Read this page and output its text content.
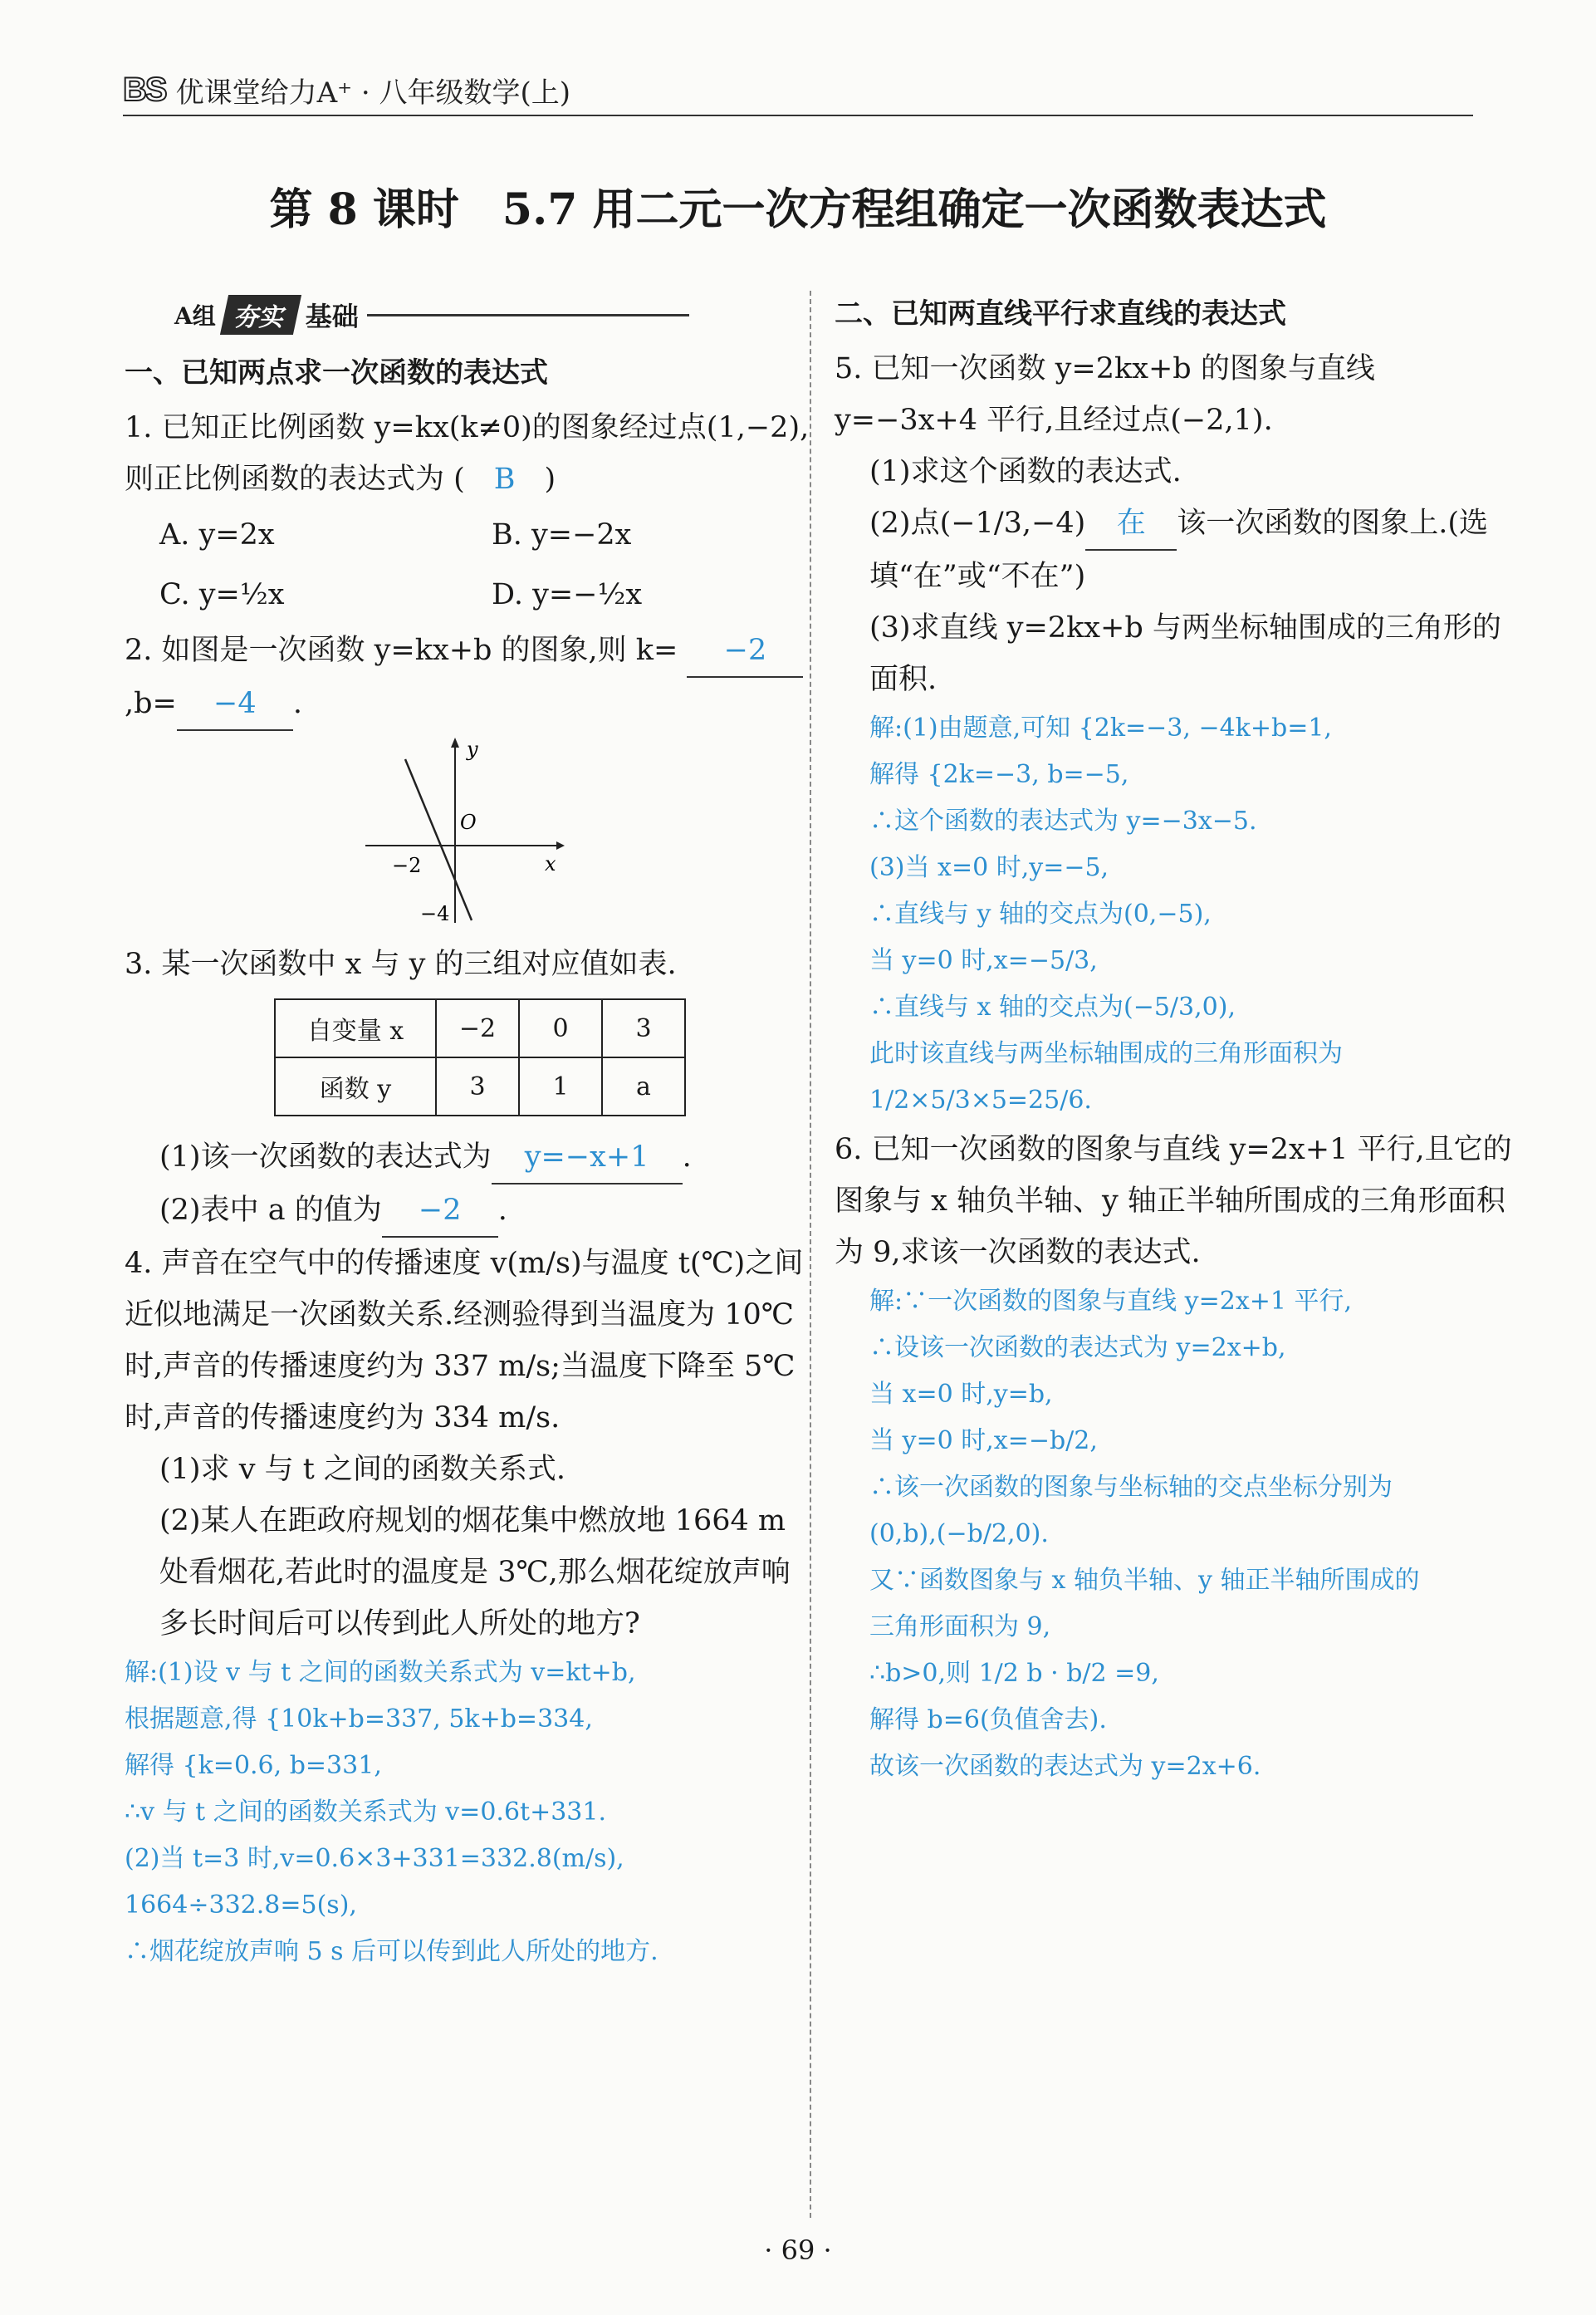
BS 优课堂给力A⁺ · 八年级数学(上)
第 8 课时　5.7 用二元一次方程组确定一次函数表达式
A组 夯实 基础
一、已知两点求一次函数的表达式
1. 已知正比例函数 y=kx(k≠0)的图象经过点(1,−2),则正比例函数的表达式为 (　B　)
A. y=2x	B. y=−2x
C. y=½x	D. y=−½x
2. 如图是一次函数 y=kx+b 的图象,则 k= −2,b= −4 .
y
x
O
−2
−4
3. 某一次函数中 x 与 y 的三组对应值如表.
自变量 x	−2	0	3
函数 y	3	1	a
(1)该一次函数的表达式为 y=−x+1 .
(2)表中 a 的值为 −2 .
4. 声音在空气中的传播速度 v(m/s)与温度 t(℃)之间近似地满足一次函数关系.经测验得到当温度为 10℃时,声音的传播速度约为 337 m/s;当温度下降至 5℃时,声音的传播速度约为 334 m/s.
(1)求 v 与 t 之间的函数关系式.
(2)某人在距政府规划的烟花集中燃放地 1664 m 处看烟花,若此时的温度是 3℃,那么烟花绽放声响多长时间后可以传到此人所处的地方?
解:(1)设 v 与 t 之间的函数关系式为 v=kt+b,
根据题意,得 {10k+b=337, 5k+b=334,
解得 {k=0.6, b=331,
∴v 与 t 之间的函数关系式为 v=0.6t+331.
(2)当 t=3 时,v=0.6×3+331=332.8(m/s),
1664÷332.8=5(s),
∴烟花绽放声响 5 s 后可以传到此人所处的地方.
二、已知两直线平行求直线的表达式
5. 已知一次函数 y=2kx+b 的图象与直线 y=−3x+4 平行,且经过点(−2,1).
(1)求这个函数的表达式.
(2)点(−1/3,−4) 在 该一次函数的图象上.(选填“在”或“不在”)
(3)求直线 y=2kx+b 与两坐标轴围成的三角形的面积.
解:(1)由题意,可知 {2k=−3, −4k+b=1,
解得 {2k=−3, b=−5,
∴这个函数的表达式为 y=−3x−5.
(3)当 x=0 时,y=−5,
∴直线与 y 轴的交点为(0,−5),
当 y=0 时,x=−5/3,
∴直线与 x 轴的交点为(−5/3,0),
此时该直线与两坐标轴围成的三角形面积为
1/2×5/3×5=25/6.
6. 已知一次函数的图象与直线 y=2x+1 平行,且它的图象与 x 轴负半轴、y 轴正半轴所围成的三角形面积为 9,求该一次函数的表达式.
解:∵一次函数的图象与直线 y=2x+1 平行,
∴设该一次函数的表达式为 y=2x+b,
当 x=0 时,y=b,
当 y=0 时,x=−b/2,
∴该一次函数的图象与坐标轴的交点坐标分别为
(0,b),(−b/2,0).
又∵函数图象与 x 轴负半轴、y 轴正半轴所围成的
三角形面积为 9,
∴b>0,则 1/2 b · b/2 =9,
解得 b=6(负值舍去).
故该一次函数的表达式为 y=2x+6.
· 69 ·
